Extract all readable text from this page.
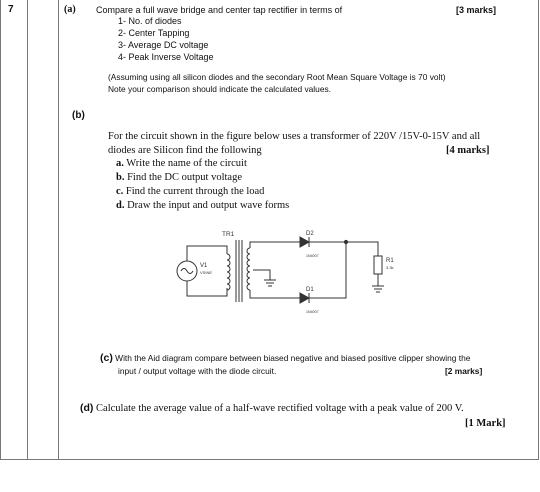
7	(a) Compare a full wave bridge and center tap rectifier in terms of	[3 marks]
1- No. of diodes
2- Center Tapping
3- Average DC voltage
4- Peak Inverse Voltage
(Assuming using all silicon diodes and the secondary Root Mean Square Voltage is 70 volt)
Note your comparison should indicate the calculated values.
(b)
For the circuit shown in the figure below uses a transformer of 220V /15V-0-15V and all
diodes are Silicon find the following	[4 marks]
a. Write the name of the circuit
b. Find the DC output voltage
c. Find the current through the load
d. Draw the input and output wave forms
TR1
V1
VSINE
D2
1N4007
D1
1N4007
R1
3.3k
(c) With the Aid diagram compare between biased negative and biased positive clipper showing the
input / output voltage with the diode circuit.	[2 marks]
(d) Calculate the average value of a half-wave rectified voltage with a peak value of 200 V.
[1 Mark]
